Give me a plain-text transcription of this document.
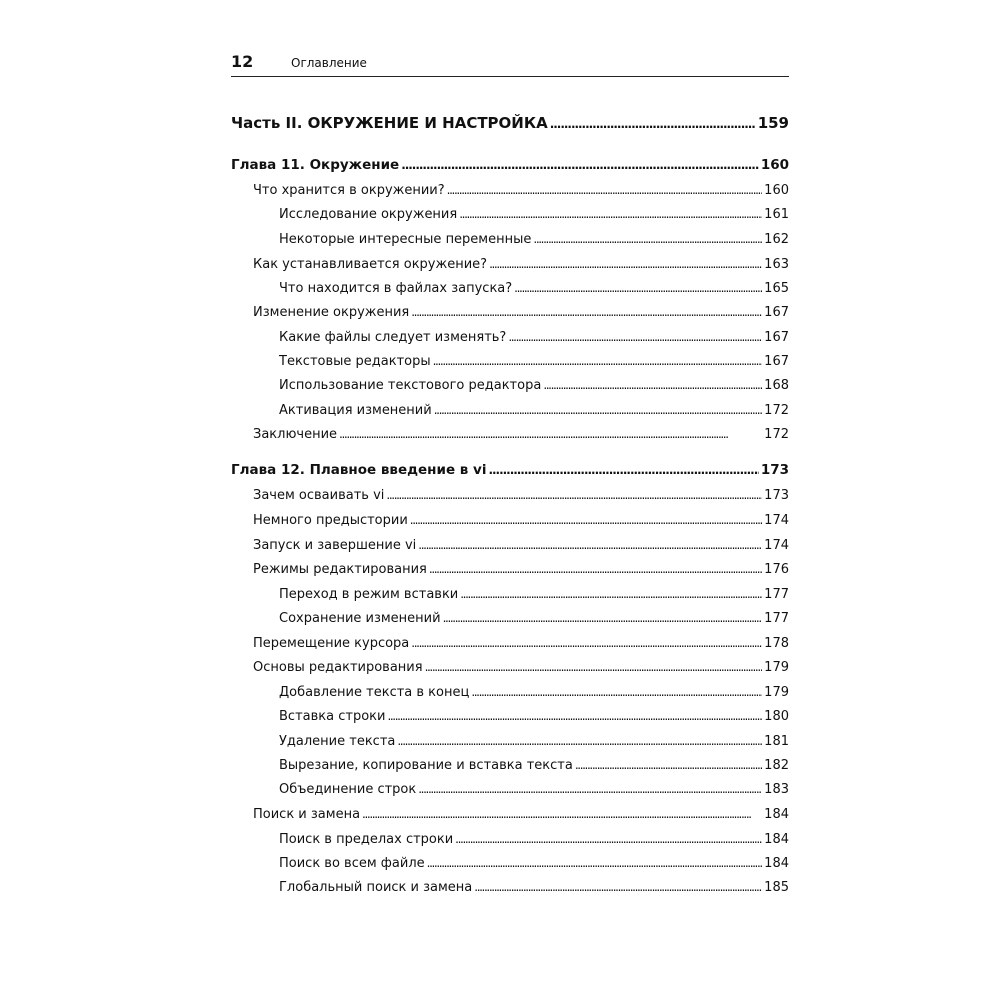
12	Оглавление
Часть II. ОКРУЖЕНИЕ И НАСТРОЙКА . . .	159
Глава 11. Окружение . . .	160
Что хранится в окружении? . . .	160
Исследование окружения . . .	161
Некоторые интересные переменные . . .	162
Как устанавливается окружение? . . .	163
Что находится в файлах запуска? . . .	165
Изменение окружения . . .	167
Какие файлы следует изменять? . . .	167
Текстовые редакторы . . .	167
Использование текстового редактора . . .	168
Активация изменений . . .	172
Заключение . . .	172
Глава 12. Плавное введение в vi . . .	173
Зачем осваивать vi . . .	173
Немного предыстории . . .	174
Запуск и завершение vi . . .	174
Режимы редактирования . . .	176
Переход в режим вставки . . .	177
Сохранение изменений . . .	177
Перемещение курсора . . .	178
Основы редактирования . . .	179
Добавление текста в конец . . .	179
Вставка строки . . .	180
Удаление текста . . .	181
Вырезание, копирование и вставка текста . . .	182
Объединение строк . . .	183
Поиск и замена . . .	184
Поиск в пределах строки . . .	184
Поиск во всем файле . . .	184
Глобальный поиск и замена . . .	185
